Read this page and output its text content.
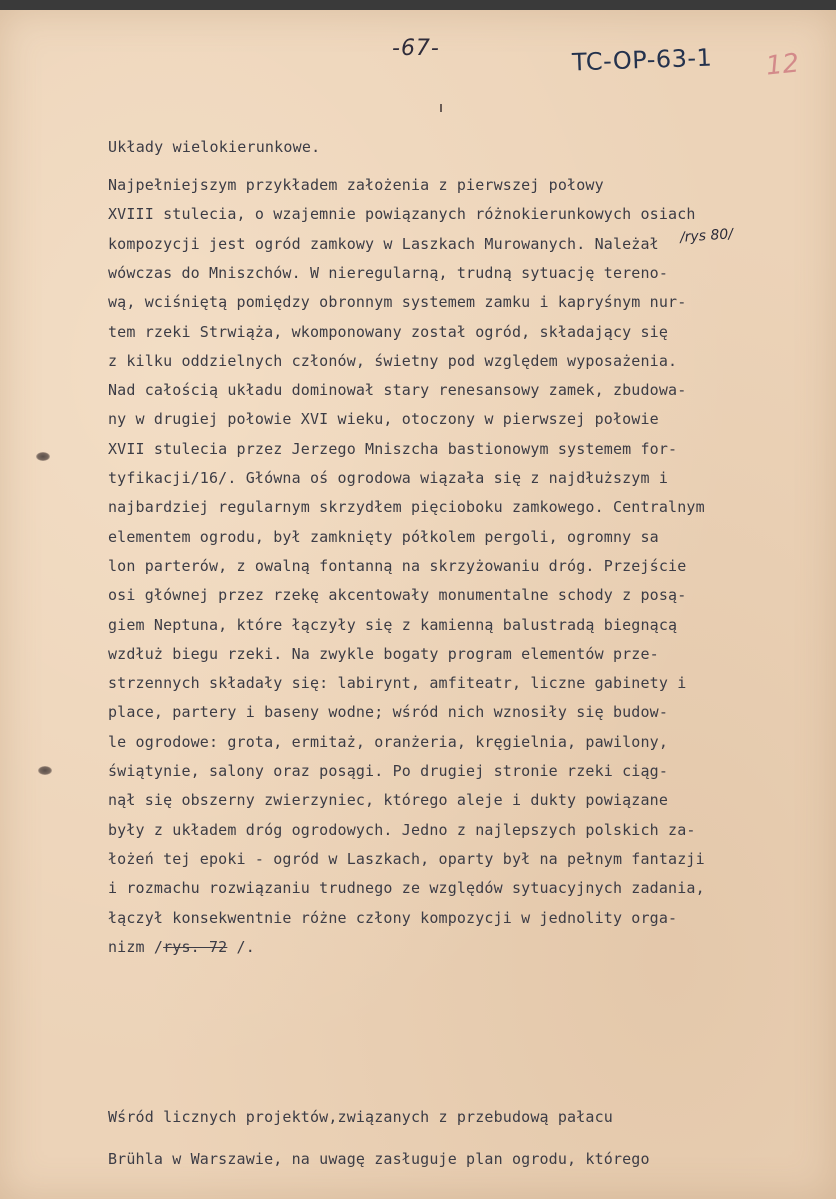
-67-	TC-OP-63-1 12
Układy wielokierunkowe.
/rys 80/
Najpełniejszym przykładem założenia z pierwszej połowy
XVIII stulecia, o wzajemnie powiązanych różnokierunkowych osiach
kompozycji jest ogród zamkowy w Laszkach Murowanych. Należał
wówczas do Mniszchów. W nieregularną, trudną sytuację tereno-
wą, wciśniętą pomiędzy obronnym systemem zamku i kapryśnym nur-
tem rzeki Strwiąża, wkomponowany został ogród, składający się
z kilku oddzielnych członów, świetny pod względem wyposażenia.
Nad całością układu dominował stary renesansowy zamek, zbudowa-
ny w drugiej połowie XVI wieku, otoczony w pierwszej połowie
XVII stulecia przez Jerzego Mniszcha bastionowym systemem for-
tyfikacji/16/. Główna oś ogrodowa wiązała się z najdłuższym i
najbardziej regularnym skrzydłem pięcioboku zamkowego. Centralnym
elementem ogrodu, był zamknięty półkolem pergoli, ogromny sa
lon parterów, z owalną fontanną na skrzyżowaniu dróg. Przejście
osi głównej przez rzekę akcentowały monumentalne schody z posą-
giem Neptuna, które łączyły się z kamienną balustradą biegnącą
wzdłuż biegu rzeki. Na zwykle bogaty program elementów prze-
strzennych składały się: labirynt, amfiteatr, liczne gabinety i
place, partery i baseny wodne; wśród nich wznosiły się budow-
le ogrodowe: grota, ermitaż, oranżeria, kręgielnia, pawilony,
świątynie, salony oraz posągi. Po drugiej stronie rzeki ciąg-
nął się obszerny zwierzyniec, którego aleje i dukty powiązane
były z układem dróg ogrodowych. Jedno z najlepszych polskich za-
łożeń tej epoki - ogród w Laszkach, oparty był na pełnym fantazji
i rozmachu rozwiązaniu trudnego ze względów sytuacyjnych zadania,
łączył konsekwentnie różne człony kompozycji w jednolity orga-
nizm /rys. 72 /.
Wśród licznych projektów,związanych z przebudową pałacu
Brühla w Warszawie, na uwagę zasługuje plan ogrodu, którego
